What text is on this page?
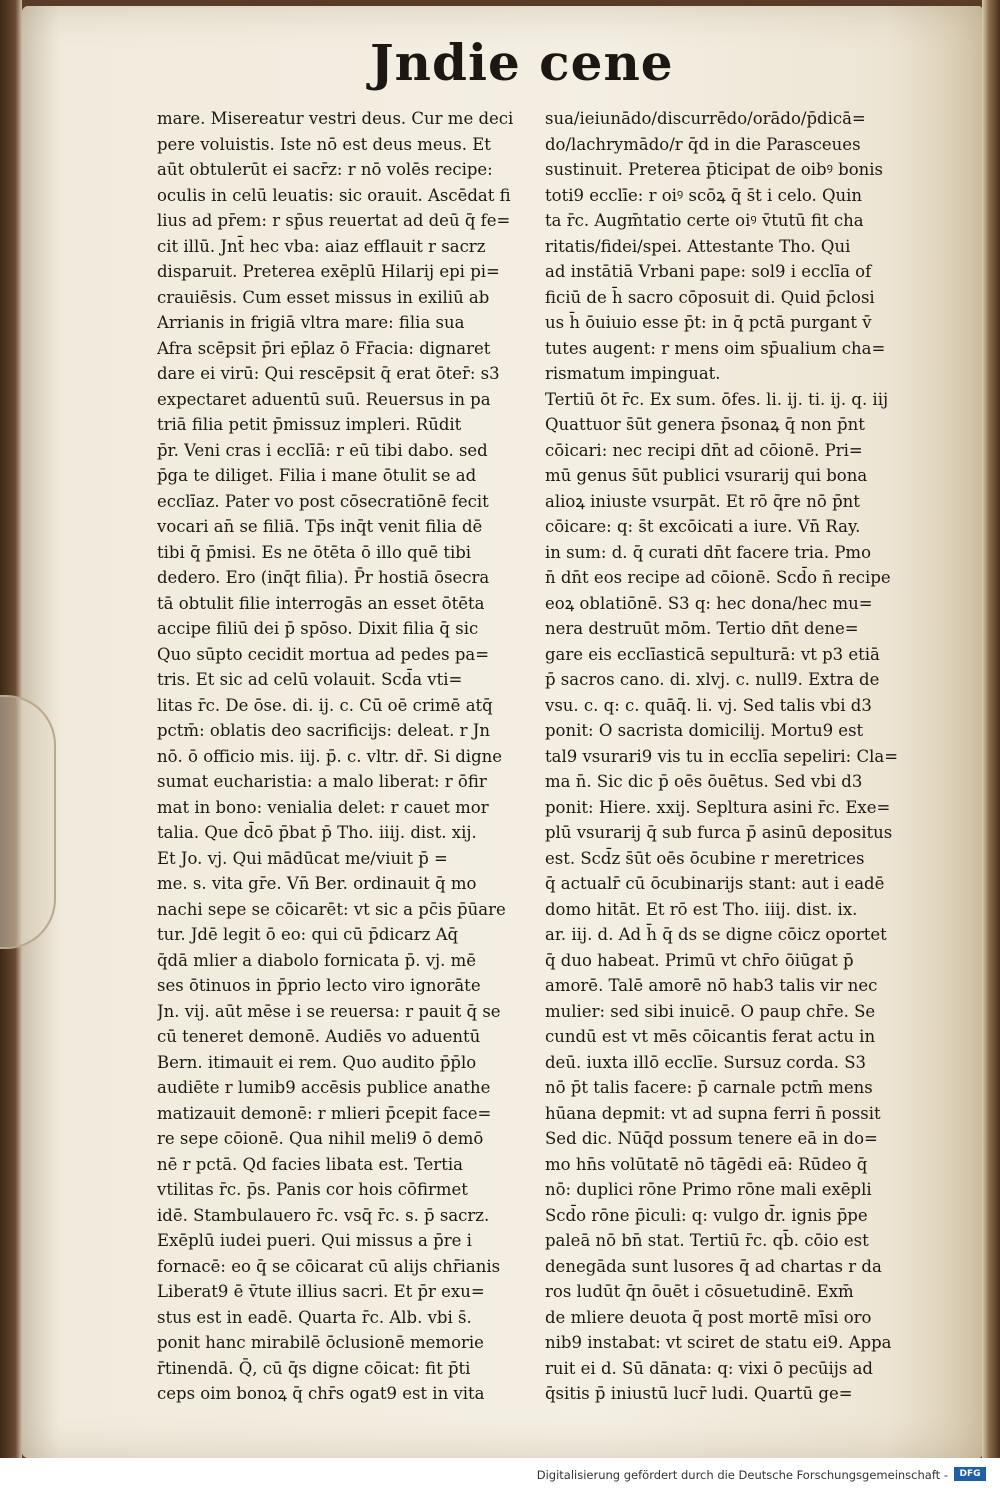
Jndie cene
mare. Misereatur vestri deus. Cur me deci
pere voluistis. Iste nō est deus meus. Et
aūt obtulerūt ei sacr̄z: r nō volēs recipe:
oculis in celū leuatis: sic orauit. Ascēdat fi
lius ad pr̄em: r sp̄us reuertat ad deū q̄ fe=
cit illū. Jnt̄ hec vba: aiaz efflauit r sacrz
disparuit. Preterea exēplū Hilarij epi pi=
crauiēsis. Cum esset missus in exiliū ab
Arrianis in frigiā vltra mare: filia sua
Afra scēpsit p̄ri ep̄laz ō Fr̄acia: dignaret
dare ei virū: Qui rescēpsit q̄ erat ōter̄: s3
expectaret aduentū suū. Reuersus in pa
triā filia petit p̄missuz impleri. Rūdit
p̄r. Veni cras i ecclīā: r eū tibi dabo. sed
p̄ga te diliget. Filia i mane ōtulit se ad
ecclīaz. Pater vo post cōsecratiōnē fecit
vocari an̄ se filiā. Tp̄s inq̄t venit filia dē
tibi q̄ p̄misi. Es ne ōtēta ō illo quē tibi
dedero. Ero (inq̄t filia). P̄r hostiā ōsecra
tā obtulit filie interrogās an esset ōtēta
accipe filiū dei p̄ spōso. Dixit filia q̄ sic
Quo sūpto cecidit mortua ad pedes pa=
tris. Et sic ad celū volauit. Scd̄a vti=
litas r̄c. De ōse. di. ij. c. Cū oē crimē atq̄
pctm̄: oblatis deo sacrificijs: deleat. r Jn
nō. ō officio mis. iij. p̄. c. vltr. dr̄. Si digne
sumat eucharistia: a malo liberat: r ōfir
mat in bono: venialia delet: r cauet mor
talia. Que d̄cō p̄bat p̄ Tho. iiij. dist. xij.
Et Jo. vj. Qui mādūcat me/viuit p̄ =
me. s. vita gr̄e. Vn̄ Ber. ordinauit q̄ mo
nachi sepe se cōicarēt: vt sic a pc̄is p̄ūare
tur. Jdē legit ō eo: qui cū p̄dicarz Aq̄
q̄dā mlier a diabolo fornicata p̄. vj. mē
ses ōtinuos in p̄prio lecto viro ignorāte
Jn. vij. aūt mēse i se reuersa: r pauit q̄ se
cū teneret demonē. Audiēs vo aduentū
Bern. itimauit ei rem. Quo audito p̄p̄lo
audiēte r lumib9 accēsis publice anathe
matizauit demonē: r mlieri p̄cepit face=
re sepe cōionē. Qua nihil meli9 ō demō
nē r pctā. Qd facies libata est. Tertia
vtilitas r̄c. p̄s. Panis cor hois cōfirmet
idē. Stambulauero r̄c. vsq̄ r̄c. s. p̄ sacrz.
Exēplū iudei pueri. Qui missus a p̄re i
fornacē: eo q̄ se cōicarat cū alijs chr̄ianis
Liberat9 ē v̄tute illius sacri. Et p̄r exu=
stus est in eadē. Quarta r̄c. Alb. vbi s̄.
ponit hanc mirabilē ōclusionē memorie
r̄tinendā. Q̄, cū q̄s digne cōicat: fit p̄ti
ceps oim bonoꝝ q̄ chr̄s ogat9 est in vita
sua/ieiunādo/discurrēdo/orādo/p̄dicā=
do/lachrymādo/r q̄d in die Parasceues
sustinuit. Preterea p̄ticipat de oibꝰ bonis
toti9 ecclīe: r oiꝰ scōꝝ q̄ s̄t i celo. Quin
ta r̄c. Augm̄tatio certe oiꝰ v̄tutū fit cha
ritatis/fidei/spei. Attestante Tho. Qui
ad instātiā Vrbani pape: sol9 i ecclīa of
ficiū de h̄ sacro cōposuit di. Quid p̄closi
us h̄ ōuiuio esse p̄t: in q̄ pctā purgant v̄
tutes augent: r mens oim sp̄ualium cha=
rismatum impinguat.
Tertiū ōt r̄c. Ex sum. ōfes. li. ij. ti. ij. q. iij
Quattuor s̄ūt genera p̄sonaꝝ q̄ non p̄nt
cōicari: nec recipi dn̄t ad cōionē. Pri=
mū genus s̄ūt publici vsurarij qui bona
alioꝝ iniuste vsurpāt. Et rō q̄re nō p̄nt
cōicare: q: s̄t excōicati a iure. Vn̄ Ray.
in sum: d. q̄ curati dn̄t facere tria. Pmo
n̄ dn̄t eos recipe ad cōionē. Scd̄o n̄ recipe
eoꝝ oblatiōnē. S3 q: hec dona/hec mu=
nera destruūt mōm. Tertio dn̄t dene=
gare eis ecclīasticā sepulturā: vt p3 etiā
p̄ sacros cano. di. xlvj. c. null9. Extra de
vsu. c. q: c. quāq̄. li. vj. Sed talis vbi d3
ponit: O sacrista domicilij. Mortu9 est
tal9 vsurari9 vis tu in ecclīa sepeliri: Cla=
ma n̄. Sic dic p̄ oēs ōuētus. Sed vbi d3
ponit: Hiere. xxij. Sepltura asini r̄c. Exe=
plū vsurarij q̄ sub furca p̄ asinū depositus
est. Scd̄z s̄ūt oēs ōcubine r meretrices
q̄ actualr̄ cū ōcubinarijs stant: aut i eadē
domo hitāt. Et rō est Tho. iiij. dist. ix.
ar. iij. d. Ad h̄ q̄ ds se digne cōicz oportet
q̄ duo habeat. Primū vt chr̄o ōiūgat p̄
amorē. Talē amorē nō hab3 talis vir nec
mulier: sed sibi inuicē. O paup chr̄e. Se
cundū est vt mēs cōicantis ferat actu in
deū. iuxta illō ecclīe. Sursuz corda. S3
nō p̄t talis facere: p̄ carnale pctm̄ mens
hūana depmit: vt ad supna ferri n̄ possit
Sed dic. Nūq̄d possum tenere eā in do=
mo hn̄s volūtatē nō tāgēdi eā: Rūdeo q̄
nō: duplici rōne Primo rōne mali exēpli
Scd̄o rōne p̄iculi: q: vulgo d̄r. ignis p̄pe
paleā nō bn̄ stat. Tertiū r̄c. qb̄. cōio est
denegāda sunt lusores q̄ ad chartas r da
ros ludūt q̄n ōuēt i cōsuetudinē. Exm̄
de mliere deuota q̄ post mortē mīsi oro
nib9 instabat: vt sciret de statu ei9. Appa
ruit ei d. Sū dānata: q: vixi ō pecūijs ad
q̄sitis p̄ iniustū lucr̄ ludi. Quartū ge=
Digitalisierung gefördert durch die Deutsche Forschungsgemeinschaft -	DFG
